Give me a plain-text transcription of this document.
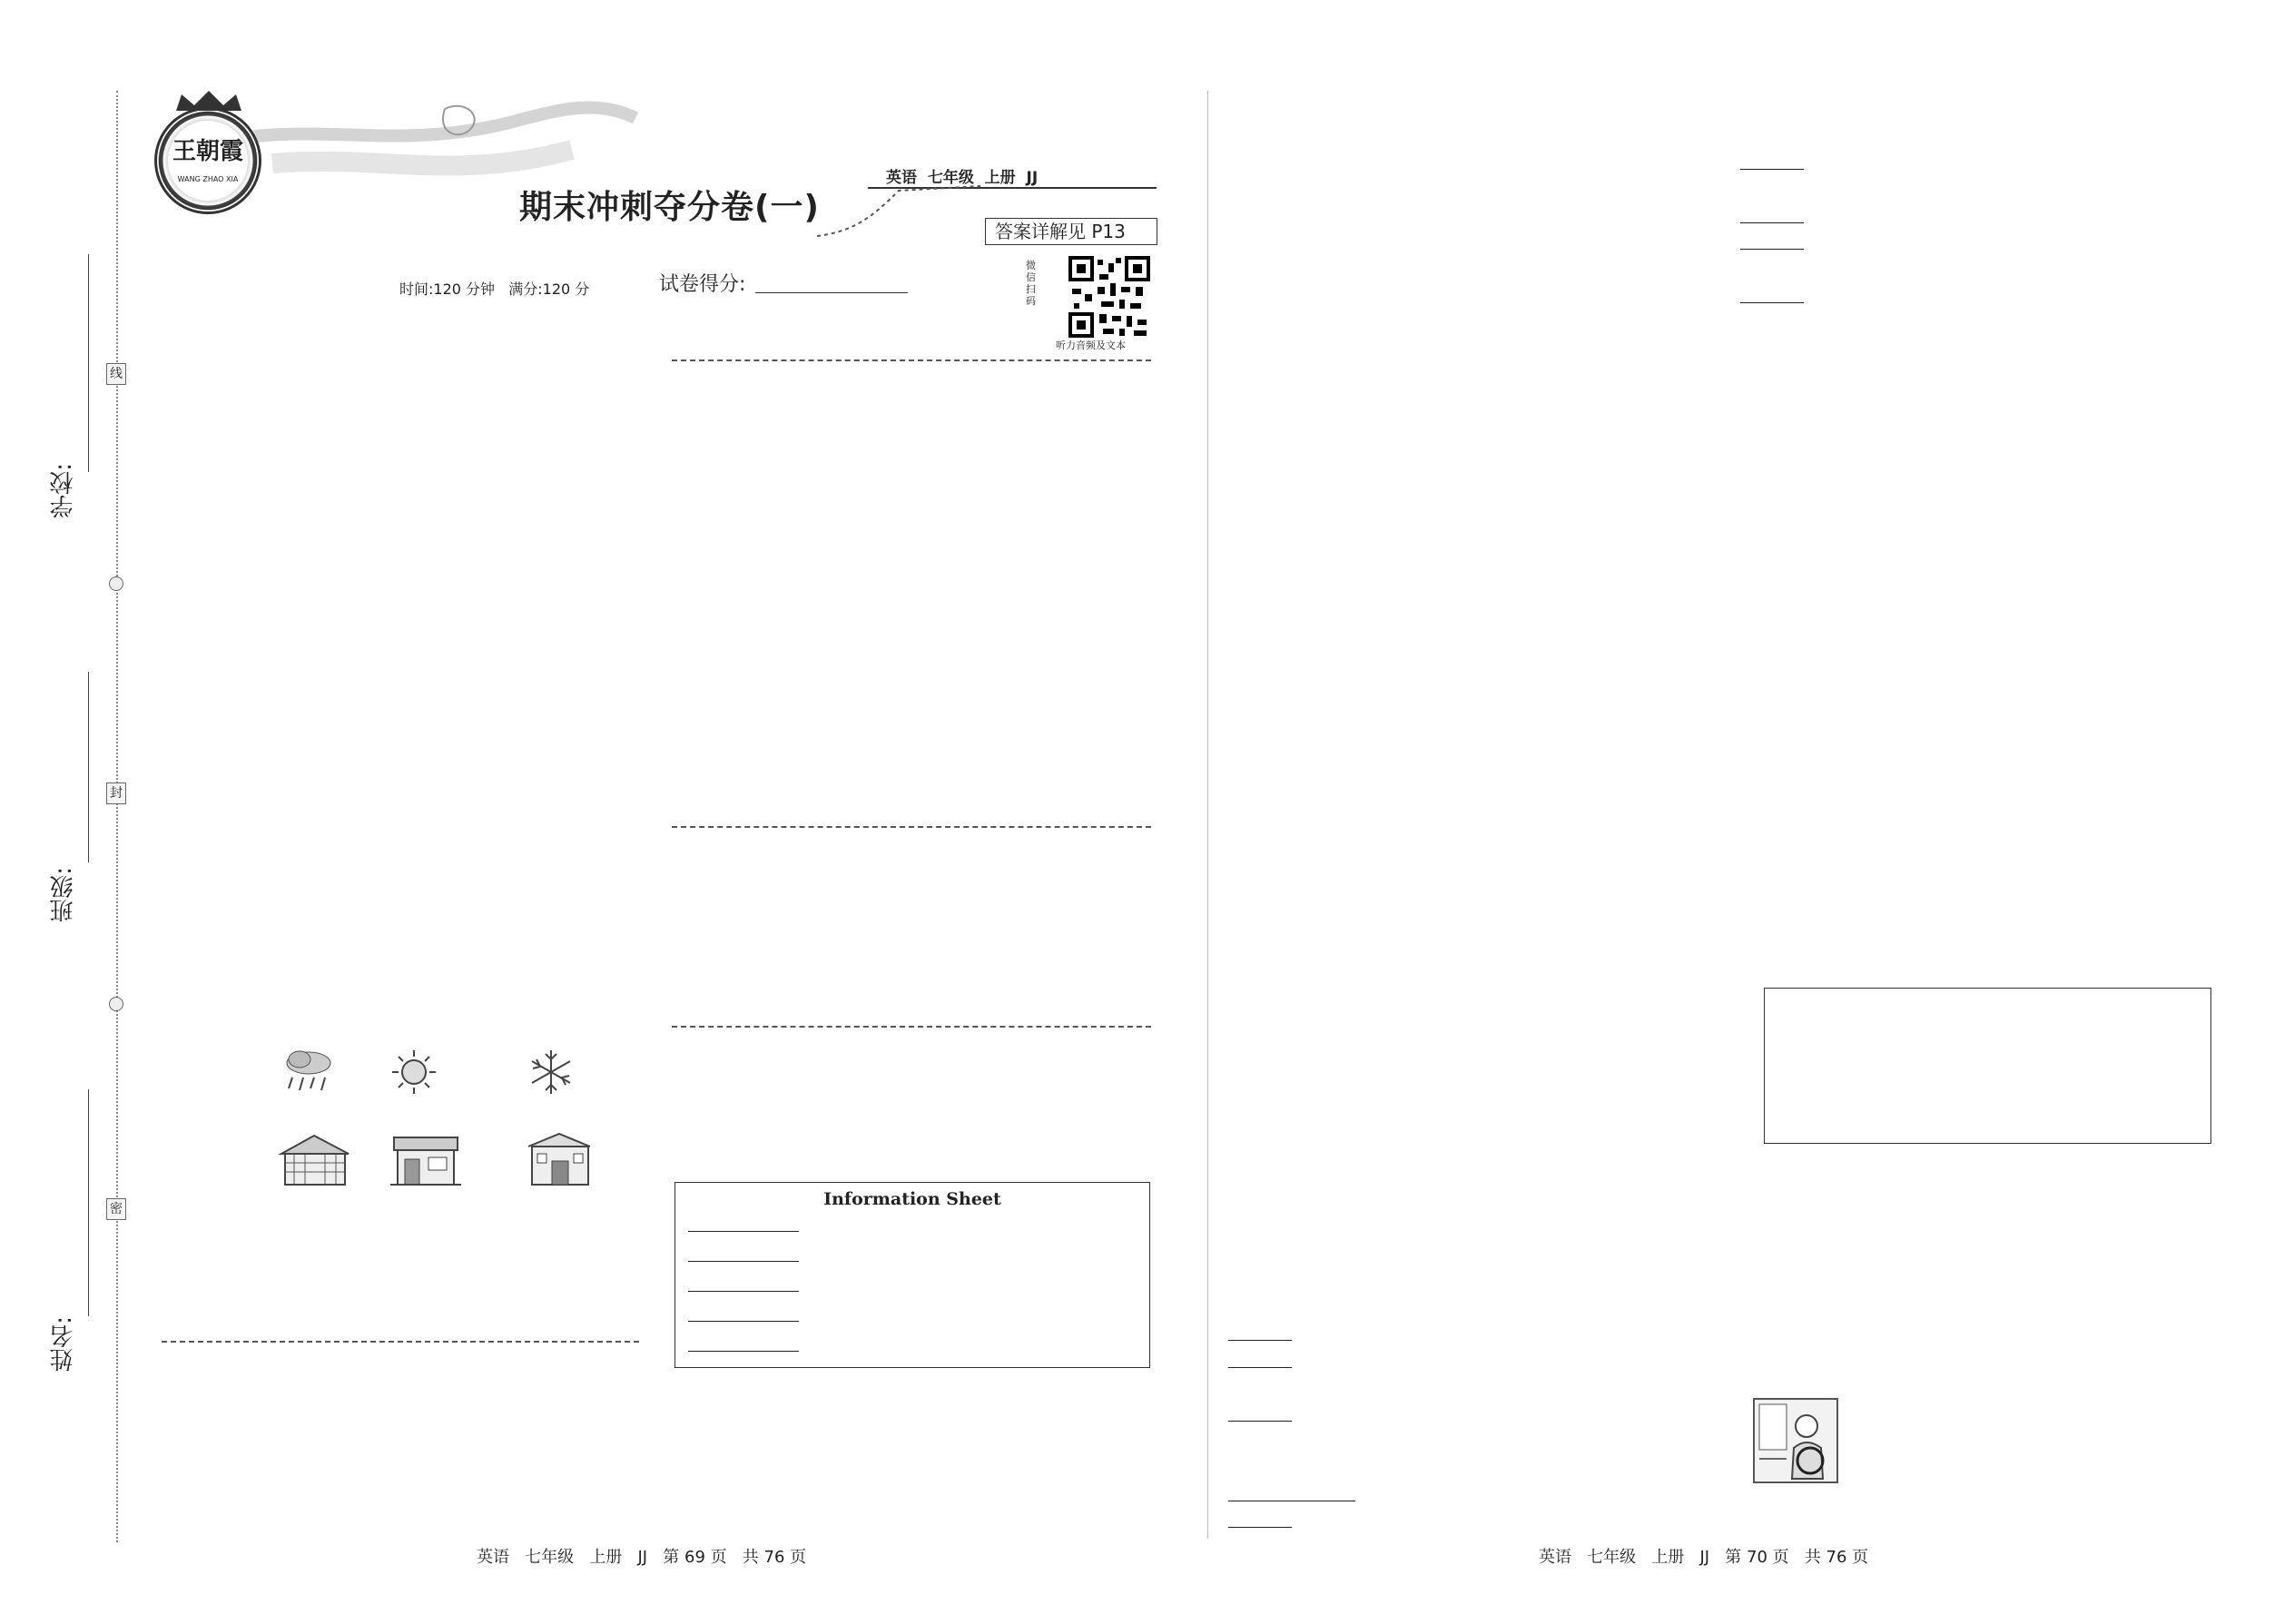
学校:
班级:
姓名:
线
封
密
王朝霞
WANG ZHAO XIA	英语  七年级  上册  JJ
期末冲刺夺分卷(一)
答案详解见 P13
时间:120 分钟   满分:120 分	试卷得分:
微信扫码
听力音频及文本
Information Sheet
英语   七年级   上册   JJ   第 69 页   共 76 页	英语   七年级   上册   JJ   第 70 页   共 76 页
